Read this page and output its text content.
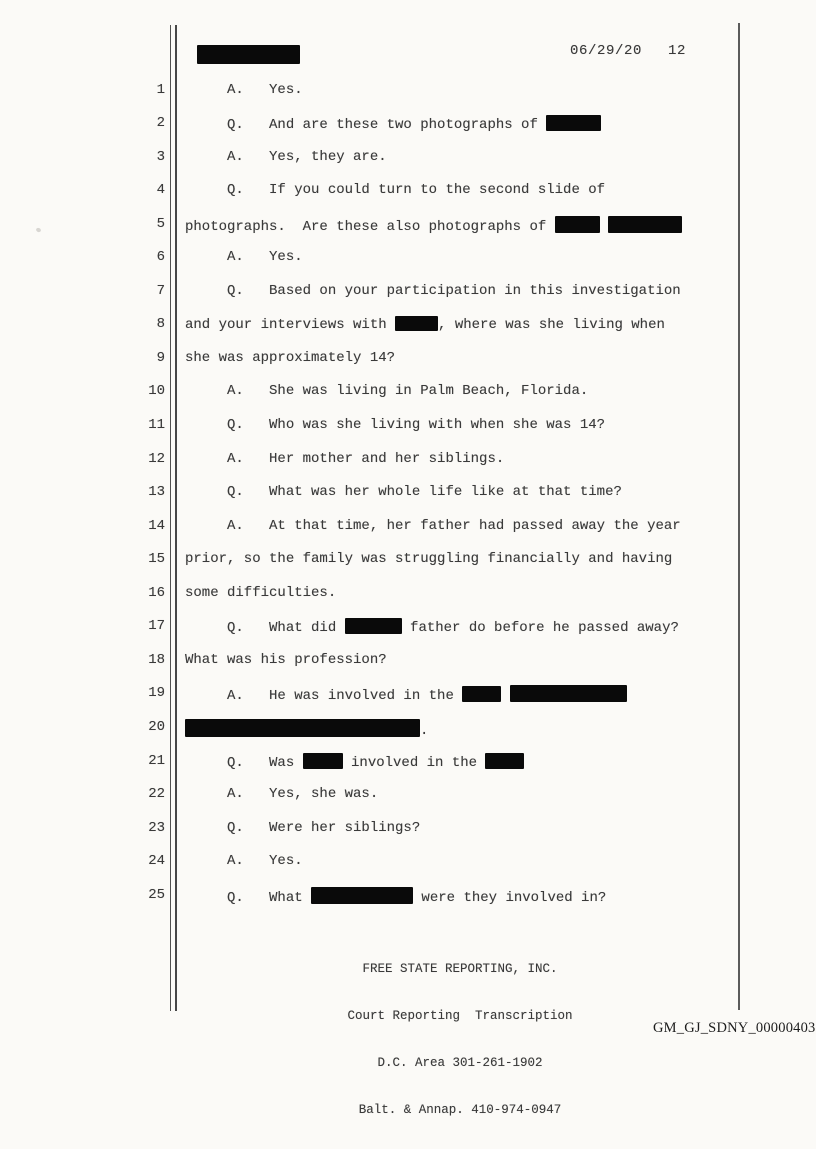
06/29/20 12
1 A.   Yes.
2 Q.   And are these two photographs of
3 A.   Yes, they are.
4 Q.   If you could turn to the second slide of
5 photographs.  Are these also photographs of
6 A.   Yes.
7 Q.   Based on your participation in this investigation
8 and your interviews with	, where was she living when
9 she was approximately 14?
10 A.   She was living in Palm Beach, Florida.
11 Q.   Who was she living with when she was 14?
12 A.   Her mother and her siblings.
13 Q.   What was her whole life like at that time?
14 A.   At that time, her father had passed away the year
15 prior, so the family was struggling financially and having
16 some difficulties.
17 Q.   What did	father do before he passed away?
18 What was his profession?
19 A.   He was involved in the
20	.
21 Q.   Was	involved in the
22 A.   Yes, she was.
23 Q.   Were her siblings?
24 A.   Yes.
25 Q.   What	were they involved in?

FREE STATE REPORTING, INC.

Court Reporting  Transcription

D.C. Area 301-261-1902

Balt. & Annap. 410-974-0947

GM_GJ_SDNY_00000403
